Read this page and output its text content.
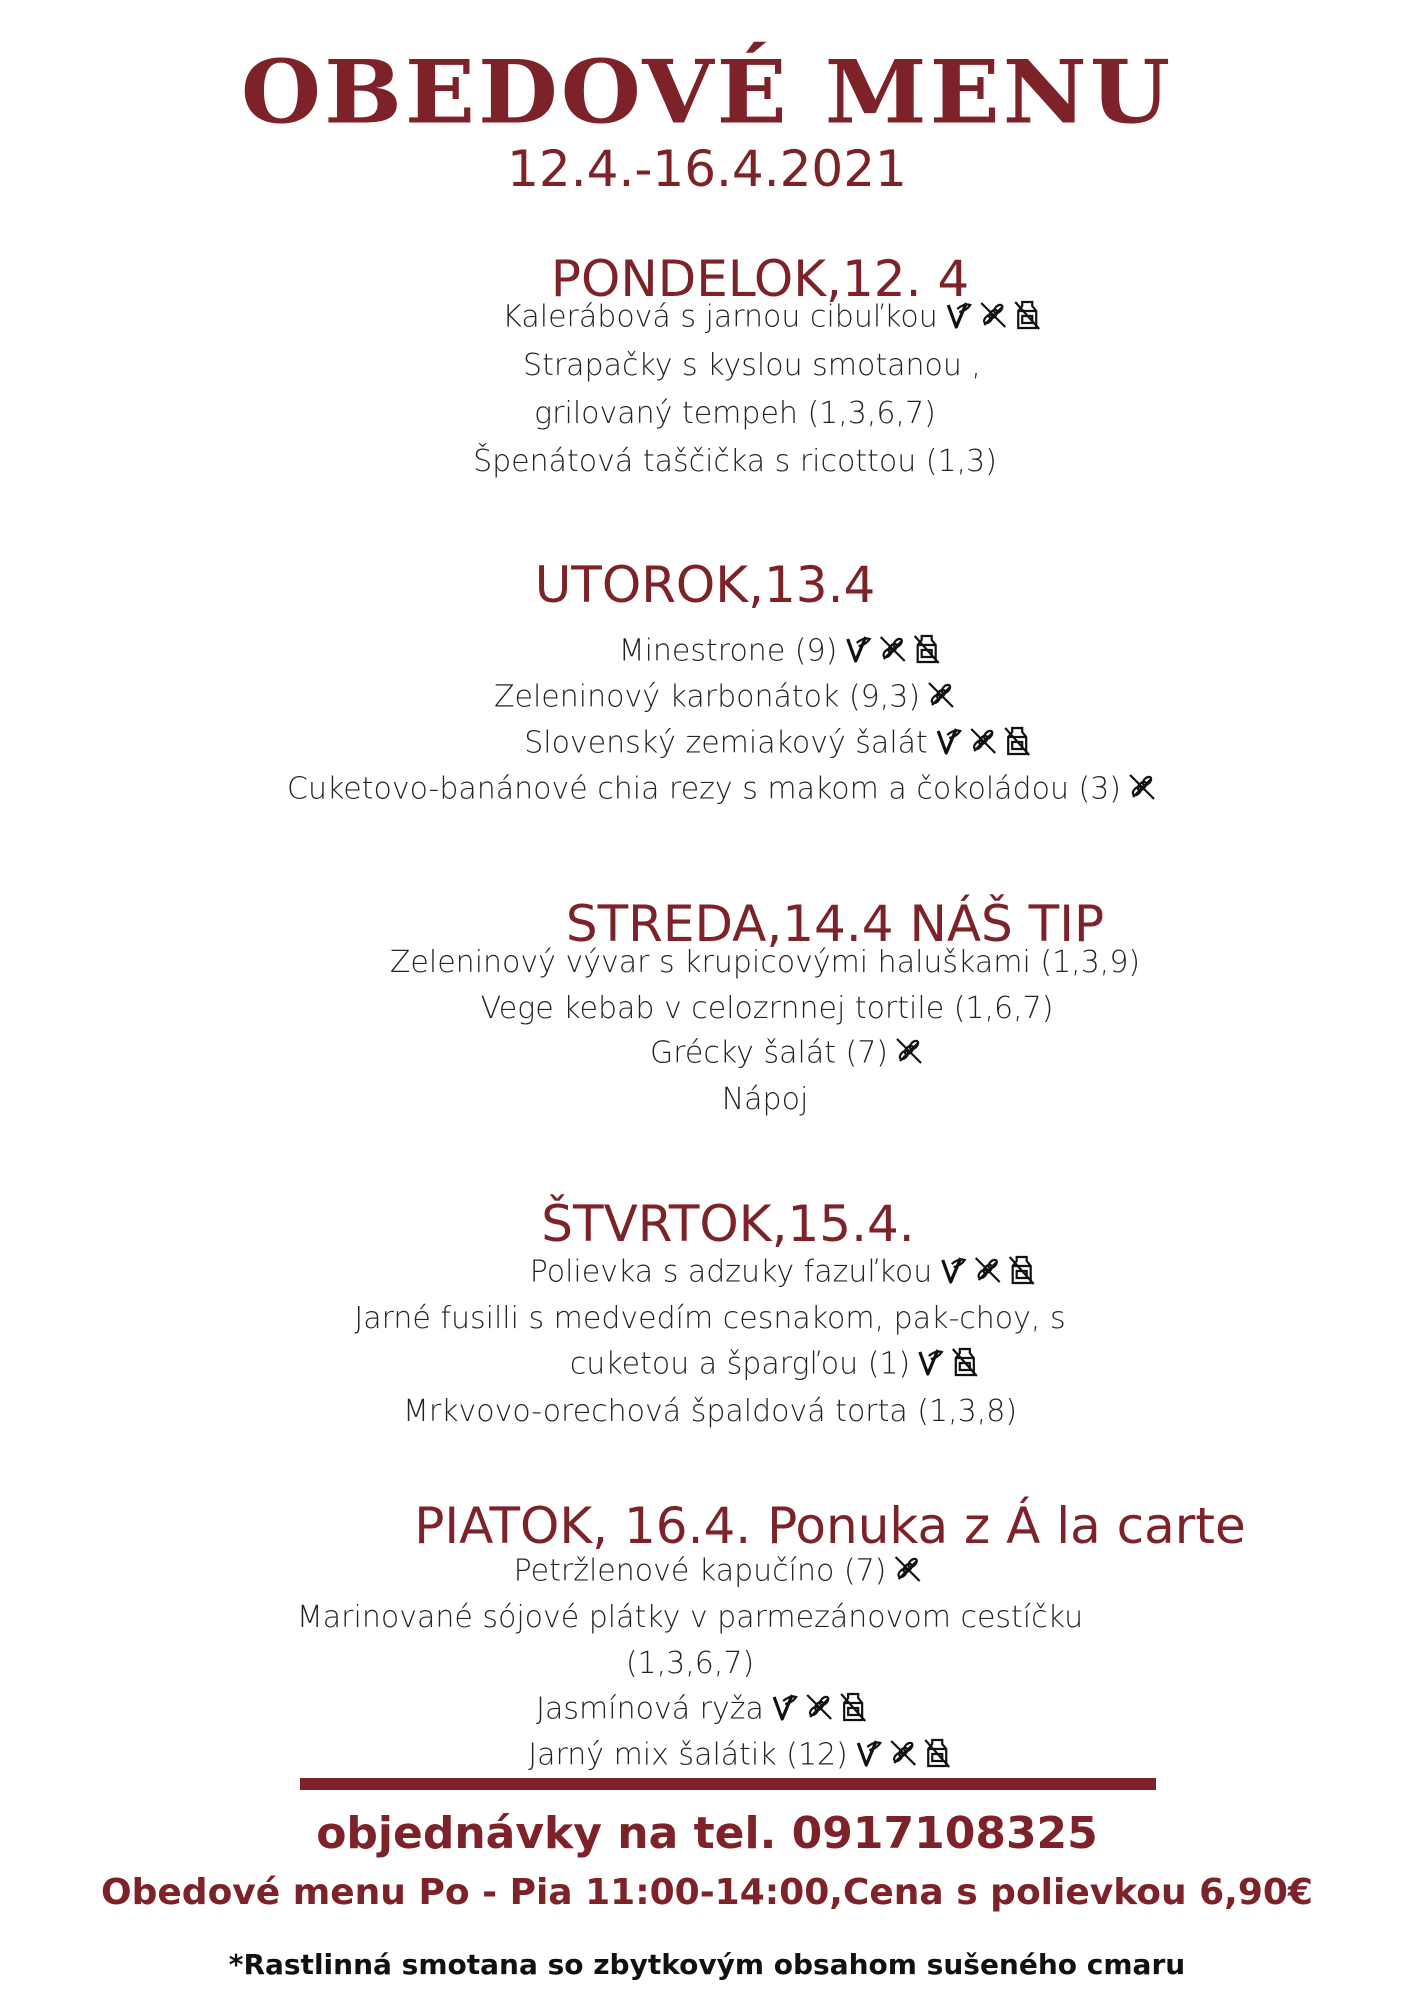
OBEDOVÉ MENU
12.4.-16.4.2021
PONDELOK,12. 4
Kalerábová s jarnou cibuľkou
Strapačky s kyslou smotanou ,
grilovaný tempeh (1,3,6,7)
Špenátová taščička s ricottou (1,3)
UTOROK,13.4
Minestrone (9)
Zeleninový karbonátok (9,3)
Slovenský zemiakový šalát
Cuketovo-banánové chia rezy s makom a čokoládou (3)
STREDA,14.4 NÁŠ TIP
Zeleninový vývar s krupicovými haluškami (1,3,9)
Vege kebab v celozrnnej tortile (1,6,7)
Grécky šalát (7)
Nápoj
ŠTVRTOK,15.4.
Polievka s adzuky fazuľkou
Jarné fusilli s medvedím cesnakom, pak-choy, s
cuketou a špargľou (1)
Mrkvovo-orechová špaldová torta (1,3,8)
PIATOK, 16.4. Ponuka z Á la carte
Petržlenové kapučíno (7)
Marinované sójové plátky v parmezánovom cestíčku
(1,3,6,7)
Jasmínová ryža
Jarný mix šalátik (12)
objednávky na tel. 0917108325
Obedové menu Po - Pia 11:00-14:00,Cena s polievkou 6,90€
*Rastlinná smotana so zbytkovým obsahom sušeného cmaru
